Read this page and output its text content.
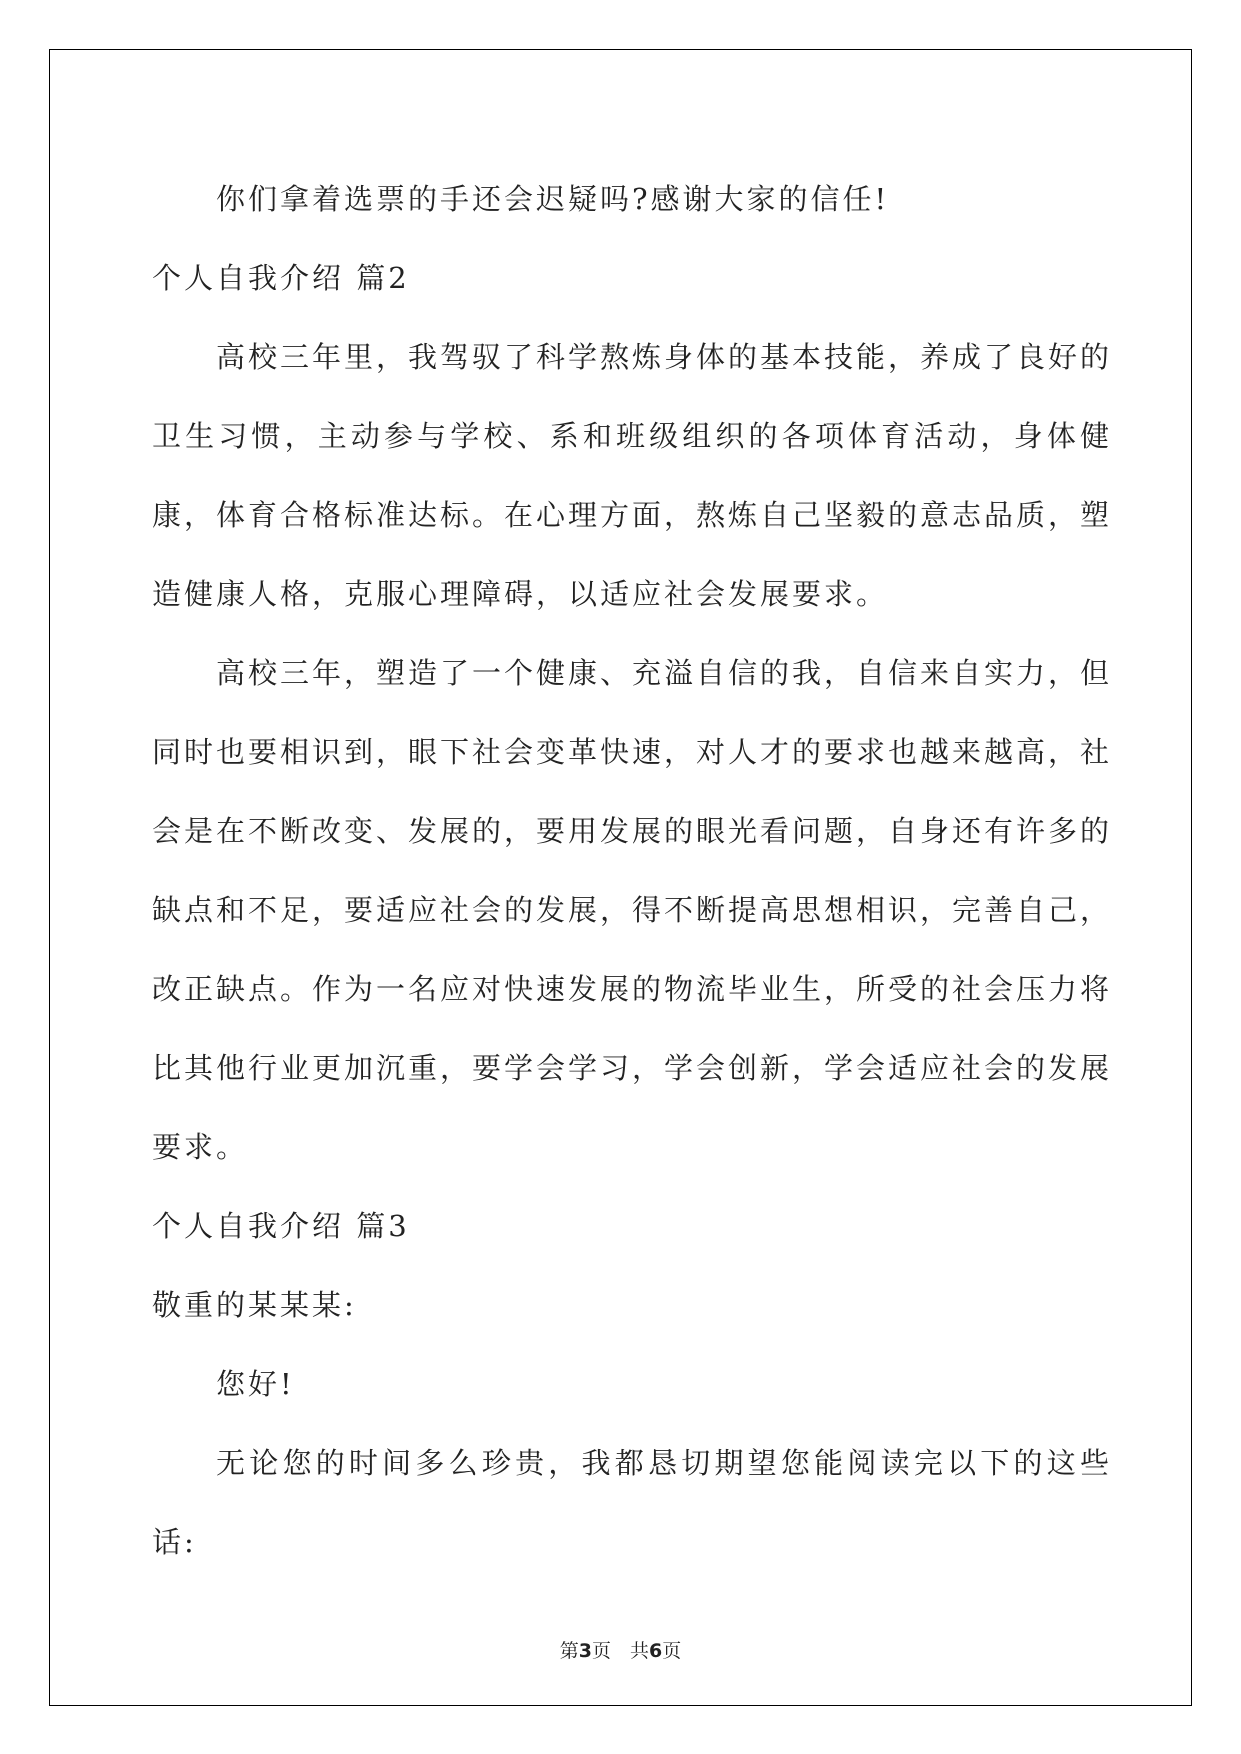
你们拿着选票的手还会迟疑吗?感谢大家的信任!

个人自我介绍 篇2

高校三年里，我驾驭了科学熬炼身体的基本技能，养成了良好的卫生习惯，主动参与学校、系和班级组织的各项体育活动，身体健康，体育合格标准达标。在心理方面，熬炼自己坚毅的意志品质，塑造健康人格，克服心理障碍，以适应社会发展要求。

高校三年，塑造了一个健康、充溢自信的我，自信来自实力，但同时也要相识到，眼下社会变革快速，对人才的要求也越来越高，社会是在不断改变、发展的，要用发展的眼光看问题，自身还有许多的缺点和不足，要适应社会的发展，得不断提高思想相识，完善自己，改正缺点。作为一名应对快速发展的物流毕业生，所受的社会压力将比其他行业更加沉重，要学会学习，学会创新，学会适应社会的发展要求。

个人自我介绍 篇3

敬重的某某某:

您好!

无论您的时间多么珍贵，我都恳切期望您能阅读完以下的这些话:

第3页　共6页
